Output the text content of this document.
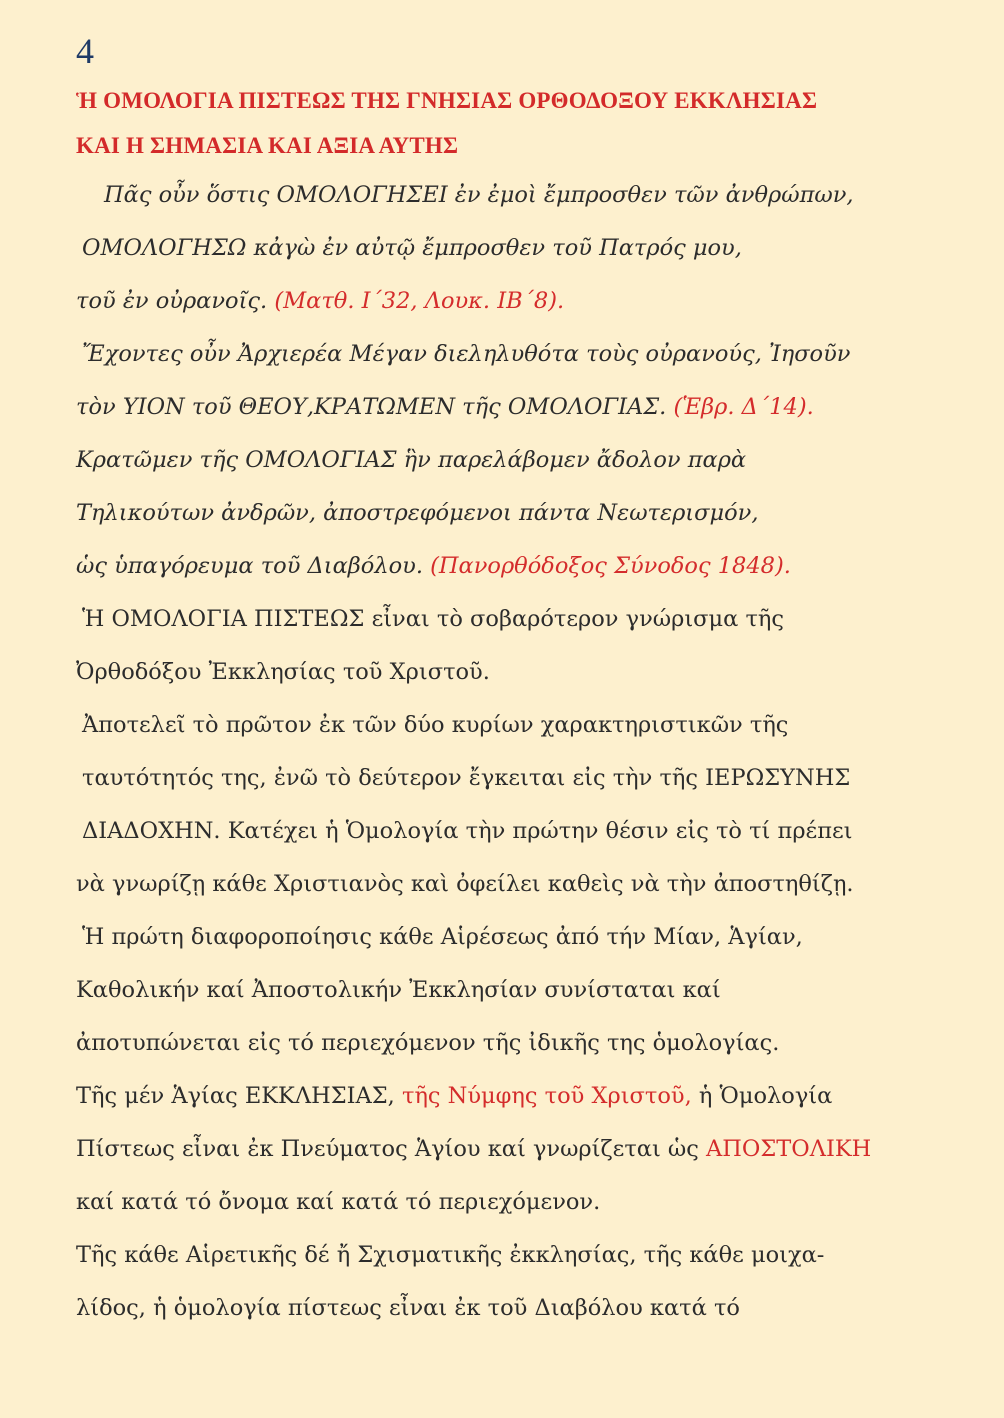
4
Ἡ ΟΜΟΛΟΓΙΑ ΠΙΣΤΕΩΣ ΤΗΣ ΓΝΗΣΙΑΣ ΟΡΘΟΔΟΞΟΥ ΕΚΚΛΗΣΙΑΣ
ΚΑΙ Η ΣΗΜΑΣΙΑ ΚΑΙ ΑΞΙΑ ΑΥΤΗΣ
Πᾶς οὖν ὅστις ΟΜΟΛΟΓΗΣΕΙ ἐν ἐμοὶ ἔμπροσθεν τῶν ἀνθρώπων,
ΟΜΟΛΟΓΗΣΩ κἀγὼ ἐν αὐτῷ ἔμπροσθεν τοῦ Πατρός μου,
τοῦ ἐν οὐρανοῖς. (Ματθ. Ι΄32, Λουκ. ΙΒ΄8).
Ἔχοντες οὖν Ἀρχιερέα Μέγαν διεληλυθότα τοὺς οὐρανούς, Ἰησοῦν
τὸν ΥΙΟΝ τοῦ ΘΕΟΥ,ΚΡΑΤΩΜΕΝ τῆς ΟΜΟΛΟΓΙΑΣ. (Ἑβρ. Δ΄14).
Κρατῶμεν τῆς ΟΜΟΛΟΓΙΑΣ ἣν παρελάβομεν ἄδολον παρὰ
Τηλικούτων ἀνδρῶν, ἀποστρεφόμενοι πάντα Νεωτερισμόν,
ὡς ὑπαγόρευμα τοῦ Διαβόλου. (Πανορθόδοξος Σύνοδος 1848).
Ἡ ΟΜΟΛΟΓΙΑ ΠΙΣΤΕΩΣ εἶναι τὸ σοβαρότερον γνώρισμα τῆς
Ὀρθοδόξου Ἐκκλησίας τοῦ Χριστοῦ.
Ἀποτελεῖ τὸ πρῶτον ἐκ τῶν δύο κυρίων χαρακτηριστικῶν τῆς
ταυτότητός της, ἐνῶ τὸ δεύτερον ἔγκειται εἰς τὴν τῆς ΙΕΡΩΣΥΝΗΣ
ΔΙΑΔΟΧΗΝ. Κατέχει ἡ Ὁμολογία τὴν πρώτην θέσιν εἰς τὸ τί πρέπει
νὰ γνωρίζῃ κάθε Χριστιανὸς καὶ ὀφείλει καθεὶς νὰ τὴν ἀποστηθίζῃ.
Ἡ πρώτη διαφοροποίησις κάθε Αἱρέσεως ἀπό τήν Μίαν, Ἁγίαν,
Καθολικήν καί Ἀποστολικήν Ἐκκλησίαν συνίσταται καί
ἀποτυπώνεται εἰς τό περιεχόμενον τῆς ἰδικῆς της ὁμολογίας.
Τῆς μέν Ἁγίας ΕΚΚΛΗΣΙΑΣ, τῆς Νύμφης τοῦ Χριστοῦ, ἡ Ὁμολογία
Πίστεως εἶναι ἐκ Πνεύματος Ἁγίου καί γνωρίζεται ὡς ΑΠΟΣΤΟΛΙΚΗ
καί κατά τό ὄνομα καί κατά τό περιεχόμενον.
Τῆς κάθε Αἱρετικῆς δέ ἤ Σχισματικῆς ἐκκλησίας, τῆς κάθε μοιχα-
λίδος, ἡ ὁμολογία πίστεως εἶναι ἐκ τοῦ Διαβόλου κατά τό
